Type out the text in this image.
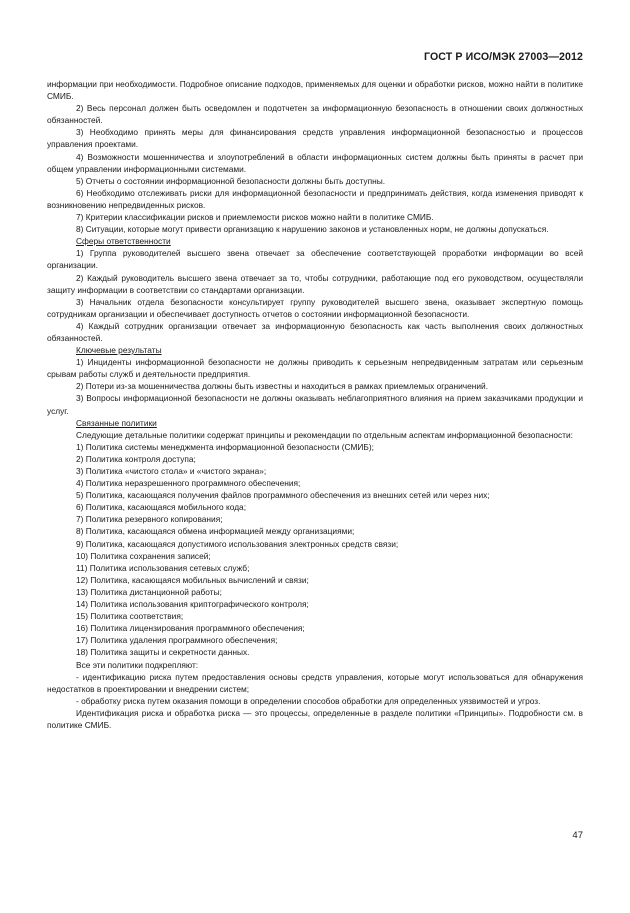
ГОСТ Р ИСО/МЭК 27003—2012

информации при необходимости. Подробное описание подходов, применяемых для оценки и обработки рисков, можно найти в политике СМИБ.

2) Весь персонал должен быть осведомлен и подотчетен за информационную безопасность в отношении своих должностных обязанностей.

3) Необходимо принять меры для финансирования средств управления информационной безопасностью и процессов управления проектами.

4) Возможности мошенничества и злоупотреблений в области информационных систем должны быть приняты в расчет при общем управлении информационными системами.

5) Отчеты о состоянии информационной безопасности должны быть доступны.

6) Необходимо отслеживать риски для информационной безопасности и предпринимать действия, когда изменения приводят к возникновению непредвиденных рисков.

7) Критерии классификации рисков и приемлемости рисков можно найти в политике СМИБ.

8) Ситуации, которые могут привести организацию к нарушению законов и установленных норм, не должны допускаться.

Сферы ответственности

1) Группа руководителей высшего звена отвечает за обеспечение соответствующей проработки информации во всей организации.

2) Каждый руководитель высшего звена отвечает за то, чтобы сотрудники, работающие под его руководством, осуществляли защиту информации в соответствии со стандартами организации.

3) Начальник отдела безопасности консультирует группу руководителей высшего звена, оказывает экспертную помощь сотрудникам организации и обеспечивает доступность отчетов о состоянии информационной безопасности.

4) Каждый сотрудник организации отвечает за информационную безопасность как часть выполнения своих должностных обязанностей.

Ключевые результаты

1) Инциденты информационной безопасности не должны приводить к серьезным непредвиденным затратам или серьезным срывам работы служб и деятельности предприятия.

2) Потери из-за мошенничества должны быть известны и находиться в рамках приемлемых ограничений.

3) Вопросы информационной безопасности не должны оказывать неблагоприятного влияния на прием заказчиками продукции и услуг.

Связанные политики

Следующие детальные политики содержат принципы и рекомендации по отдельным аспектам информационной безопасности:

1) Политика системы менеджмента информационной безопасности (СМИБ);
2) Политика контроля доступа;
3) Политика «чистого стола» и «чистого экрана»;
4) Политика неразрешенного программного обеспечения;
5) Политика, касающаяся получения файлов программного обеспечения из внешних сетей или через них;
6) Политика, касающаяся мобильного кода;
7) Политика резервного копирования;
8) Политика, касающаяся обмена информацией между организациями;
9) Политика, касающаяся допустимого использования электронных средств связи;
10) Политика сохранения записей;
11) Политика использования сетевых служб;
12) Политика, касающаяся мобильных вычислений и связи;
13) Политика дистанционной работы;
14) Политика использования криптографического контроля;
15) Политика соответствия;
16) Политика лицензирования программного обеспечения;
17) Политика удаления программного обеспечения;
18) Политика защиты и секретности данных.
Все эти политики подкрепляют:

- идентификацию риска путем предоставления основы средств управления, которые могут использоваться для обнаружения недостатков в проектировании и внедрении систем;

- обработку риска путем оказания помощи в определении способов обработки для определенных уязвимостей и угроз.

Идентификация риска и обработка риска — это процессы, определенные в разделе политики «Принципы». Подробности см. в политике СМИБ.

47
